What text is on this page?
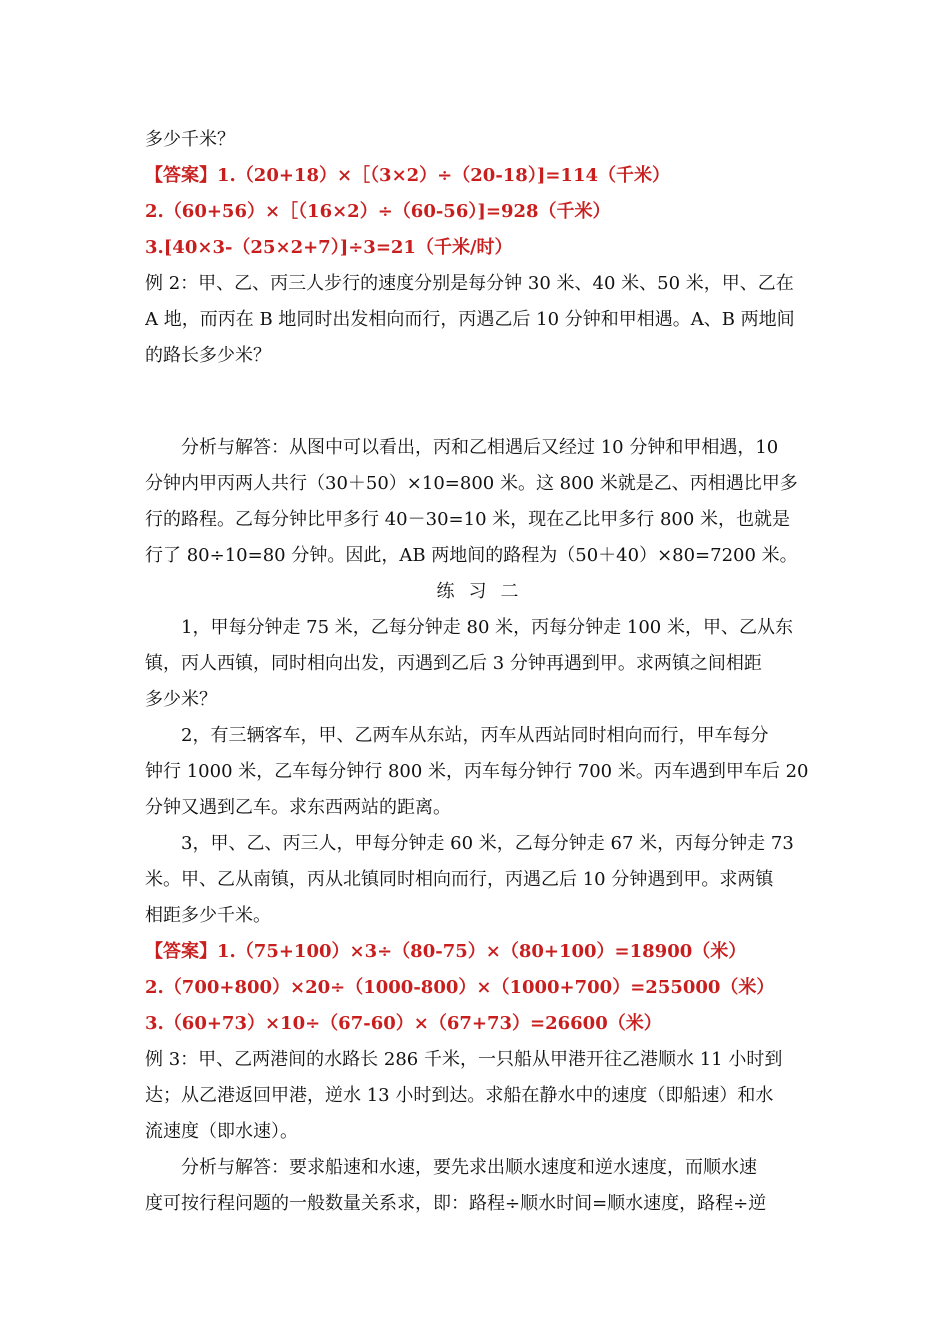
多少千米？
【答案】1.（20+18）×［（3×2）÷（20-18）]=114（千米）
2.（60+56）×［（16×2）÷（60-56）]=928（千米）
3.[40×3-（25×2+7）]÷3=21（千米/时）
例 2：甲、乙、丙三人步行的速度分别是每分钟 30 米、40 米、50 米，甲、乙在
A 地，而丙在 B 地同时出发相向而行，丙遇乙后 10 分钟和甲相遇。A、B 两地间
的路长多少米？
分析与解答：从图中可以看出，丙和乙相遇后又经过 10 分钟和甲相遇，10
分钟内甲丙两人共行（30＋50）×10=800 米。这 800 米就是乙、丙相遇比甲多
行的路程。乙每分钟比甲多行 40－30=10 米，现在乙比甲多行 800 米，也就是
行了 80÷10=80 分钟。因此，AB 两地间的路程为（50＋40）×80=7200 米。
练习二
1，甲每分钟走 75 米，乙每分钟走 80 米，丙每分钟走 100 米，甲、乙从东
镇，丙人西镇，同时相向出发，丙遇到乙后 3 分钟再遇到甲。求两镇之间相距
多少米？
2，有三辆客车，甲、乙两车从东站，丙车从西站同时相向而行，甲车每分
钟行 1000 米，乙车每分钟行 800 米，丙车每分钟行 700 米。丙车遇到甲车后 20
分钟又遇到乙车。求东西两站的距离。
3，甲、乙、丙三人，甲每分钟走 60 米，乙每分钟走 67 米，丙每分钟走 73
米。甲、乙从南镇，丙从北镇同时相向而行，丙遇乙后 10 分钟遇到甲。求两镇
相距多少千米。
【答案】1.（75+100）×3÷（80-75）×（80+100）=18900（米）
2.（700+800）×20÷（1000-800）×（1000+700）=255000（米）
3.（60+73）×10÷（67-60）×（67+73）=26600（米）
例 3：甲、乙两港间的水路长 286 千米，一只船从甲港开往乙港顺水 11 小时到
达；从乙港返回甲港，逆水 13 小时到达。求船在静水中的速度（即船速）和水
流速度（即水速）。
分析与解答：要求船速和水速，要先求出顺水速度和逆水速度，而顺水速
度可按行程问题的一般数量关系求，即：路程÷顺水时间=顺水速度，路程÷逆
